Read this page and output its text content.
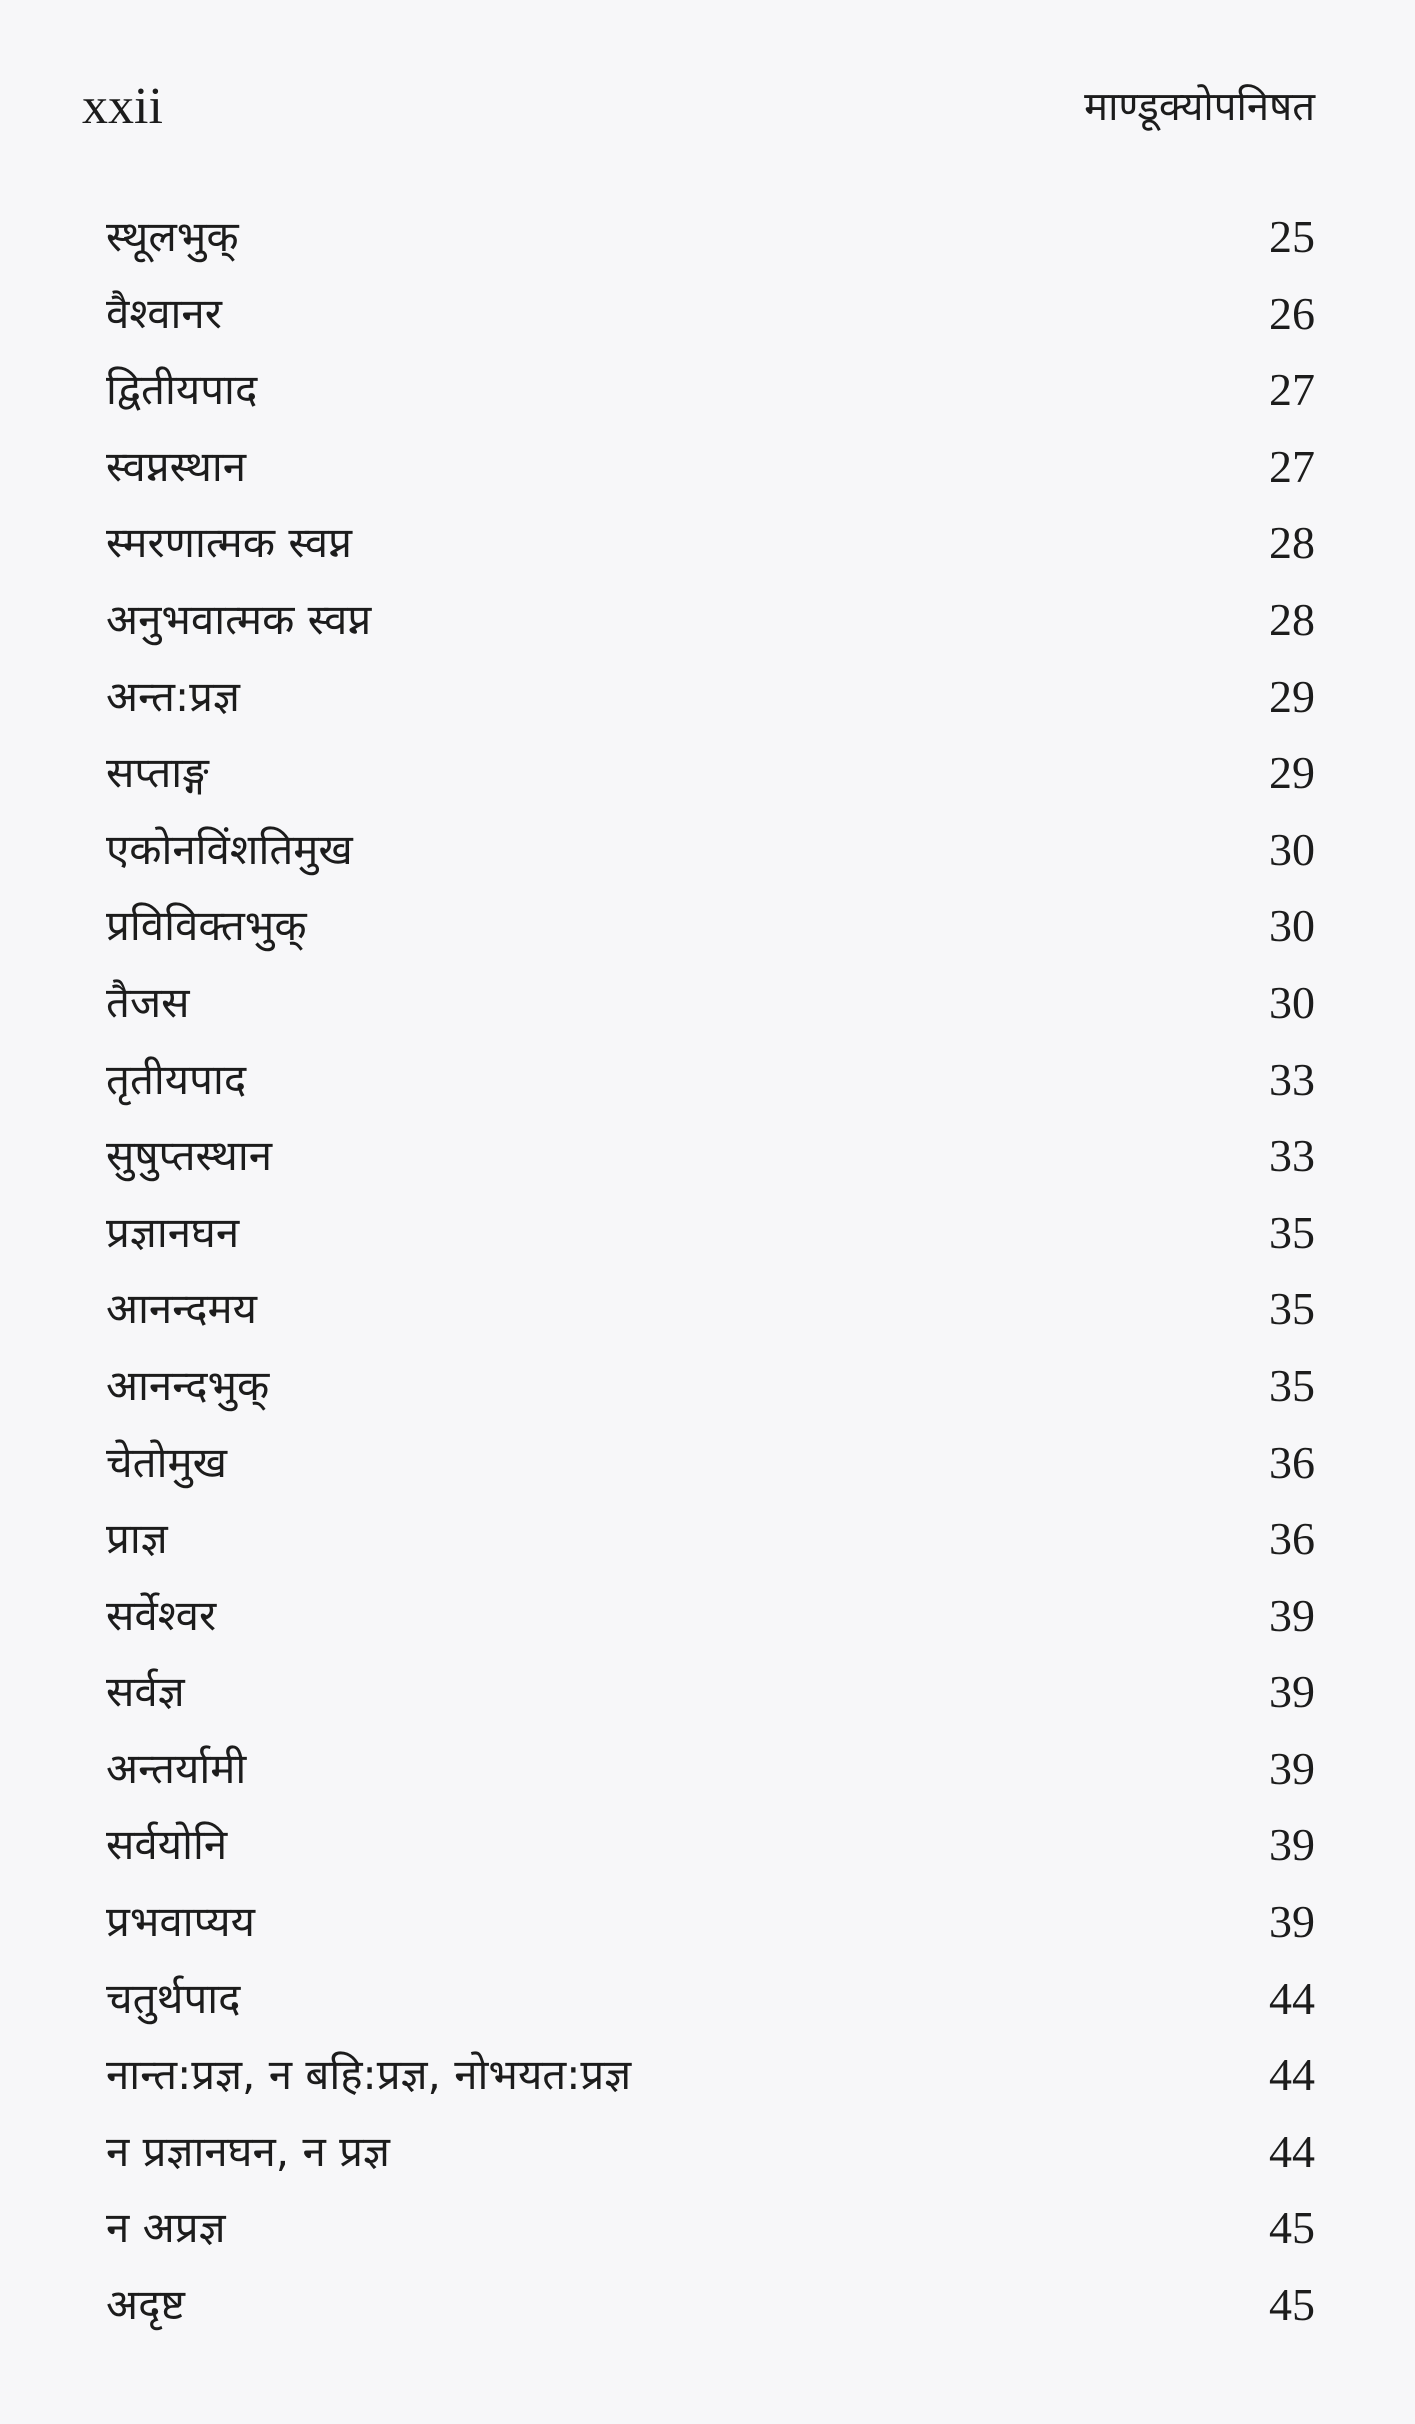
xxii	माण्डूक्योपनिषत
स्थूलभुक्	25
वैश्वानर	26
द्वितीयपाद	27
स्वप्नस्थान	27
स्मरणात्मक स्वप्न	28
अनुभवात्मक स्वप्न	28
अन्त:प्रज्ञ	29
सप्ताङ्ग	29
एकोनविंशतिमुख	30
प्रविविक्तभुक्	30
तैजस	30
तृतीयपाद	33
सुषुप्तस्थान	33
प्रज्ञानघन	35
आनन्दमय	35
आनन्दभुक्	35
चेतोमुख	36
प्राज्ञ	36
सर्वेश्वर	39
सर्वज्ञ	39
अन्तर्यामी	39
सर्वयोनि	39
प्रभवाप्यय	39
चतुर्थपाद	44
नान्त:प्रज्ञ, न बहि:प्रज्ञ, नोभयत:प्रज्ञ	44
न प्रज्ञानघन, न प्रज्ञ	44
न अप्रज्ञ	45
अदृष्ट	45
